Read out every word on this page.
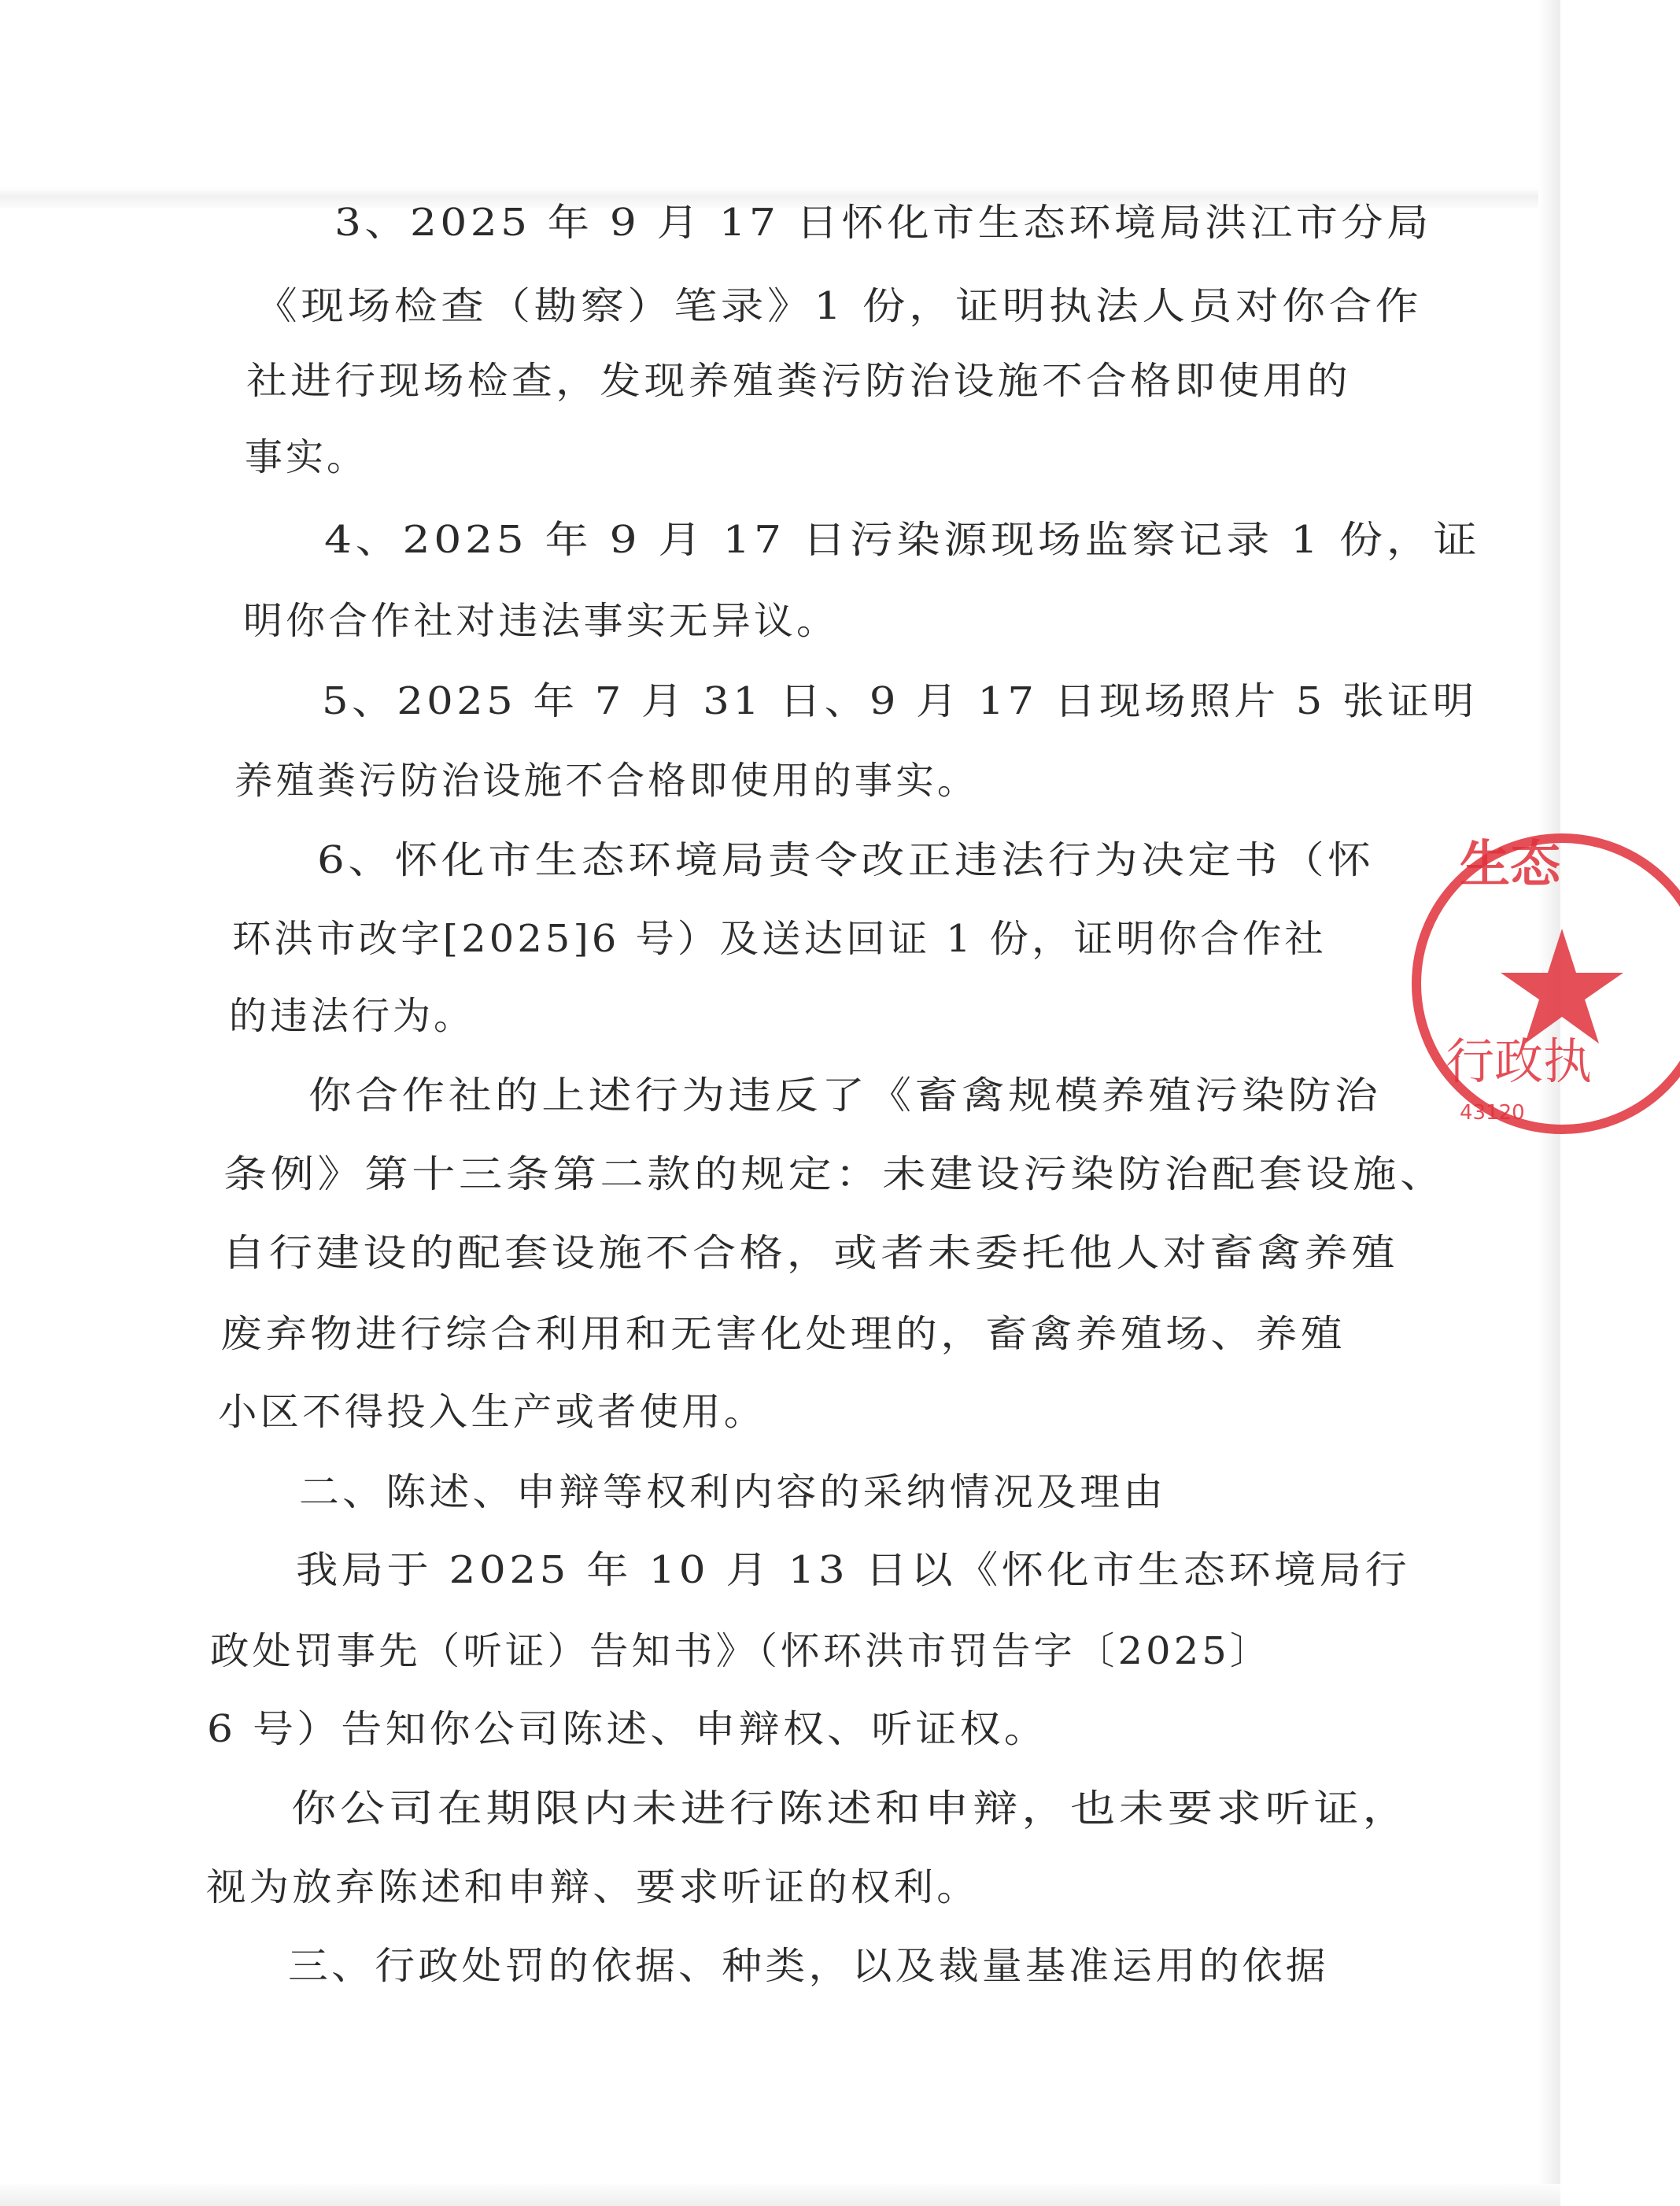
3、2025 年 9 月 17 日怀化市生态环境局洪江市分局

《现场检查（勘察）笔录》1 份，证明执法人员对你合作

社进行现场检查，发现养殖粪污防治设施不合格即使用的

事实。

4、2025 年 9 月 17 日污染源现场监察记录 1 份，证

明你合作社对违法事实无异议。

5、2025 年 7 月 31 日、9 月 17 日现场照片 5 张证明

养殖粪污防治设施不合格即使用的事实。

6、怀化市生态环境局责令改正违法行为决定书（怀

环洪市改字[2025]6 号）及送达回证 1 份，证明你合作社

的违法行为。

你合作社的上述行为违反了《畜禽规模养殖污染防治

条例》第十三条第二款的规定：未建设污染防治配套设施、

自行建设的配套设施不合格，或者未委托他人对畜禽养殖

废弃物进行综合利用和无害化处理的，畜禽养殖场、养殖

小区不得投入生产或者使用。

二、陈述、申辩等权利内容的采纳情况及理由

我局于 2025 年 10 月 13 日以《怀化市生态环境局行

政处罚事先（听证）告知书》（怀环洪市罚告字〔2025〕

6 号）告知你公司陈述、申辩权、听证权。

你公司在期限内未进行陈述和申辩，也未要求听证，

视为放弃陈述和申辩、要求听证的权利。

三、行政处罚的依据、种类，以及裁量基准运用的依据

生态
行政执
43120
